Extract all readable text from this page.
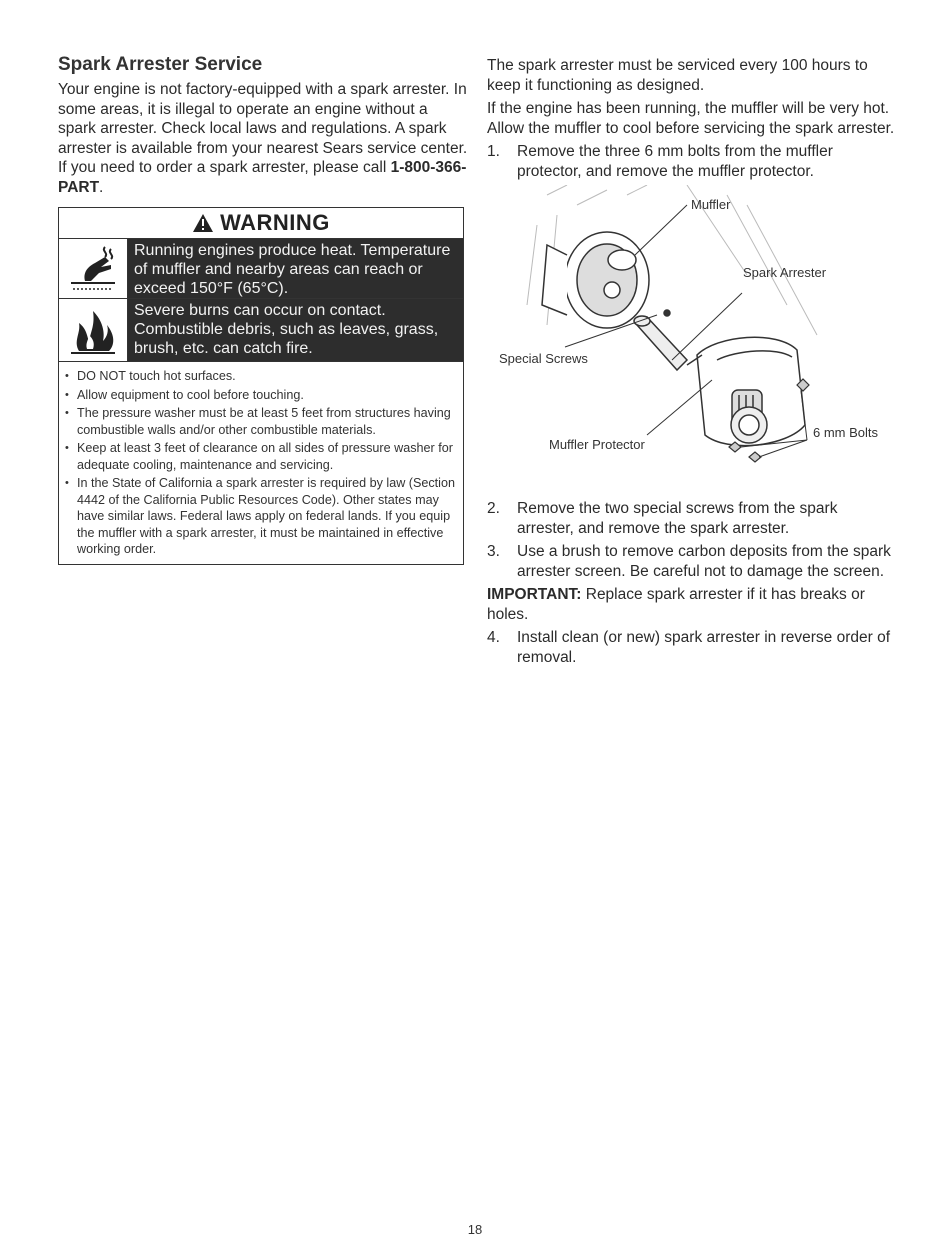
Spark Arrester Service

Your engine is not factory-equipped with a spark arrester. In some areas, it is illegal to operate an engine without a spark arrester. Check local laws and regulations. A spark arrester is available from your nearest Sears service center. If you need to order a spark arrester, please call 1-800-366-PART.

WARNING
Running engines produce heat. Temperature of muffler and nearby areas can reach or exceed 150°F (65°C).
Severe burns can occur on contact. Combustible debris, such as leaves, grass, brush, etc. can catch fire.
• DO NOT touch hot surfaces.
• Allow equipment to cool before touching.
• The pressure washer must be at least 5 feet from structures having combustible walls and/or other combustible materials.
• Keep at least 3 feet of clearance on all sides of pressure washer for adequate cooling, maintenance and servicing.
• In the State of California a spark arrester is required by law (Section 4442 of the California Public Resources Code). Other states may have similar laws. Federal laws apply on federal lands. If you equip the muffler with a spark arrester, it must be maintained in effective working order.

The spark arrester must be serviced every 100 hours to keep it functioning as designed.

If the engine has been running, the muffler will be very hot. Allow the muffler to cool before servicing the spark arrester.

1.	Remove the three 6 mm bolts from the muffler protector, and remove the muffler protector.
Muffler
Spark Arrester
Special Screws
Muffler Protector
6 mm Bolts
2.	Remove the two special screws from the spark arrester, and remove the spark arrester.
3.	Use a brush to remove carbon deposits from the spark arrester screen. Be careful not to damage the screen.

IMPORTANT: Replace spark arrester if it has breaks or holes.

4.	Install clean (or new) spark arrester in reverse order of removal.
18
